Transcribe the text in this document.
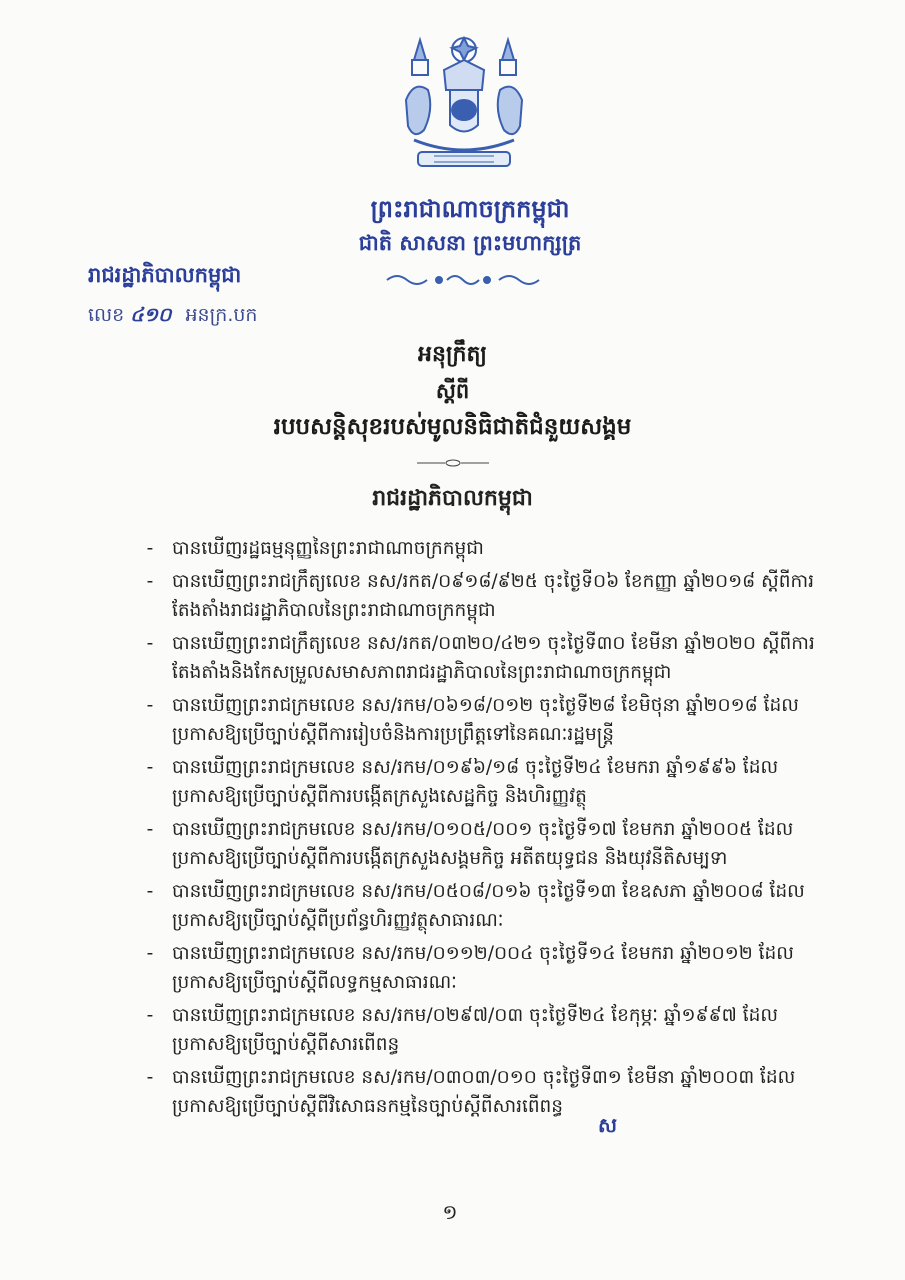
ព្រះរាជាណាចក្រកម្ពុជា
ជាតិ សាសនា ព្រះមហាក្សត្រ
រាជរដ្ឋាភិបាលកម្ពុជា
លេខ ៤១០ អនក្រ.បក
អនុក្រឹត្យ
ស្ដីពី
របបសន្តិសុខរបស់មូលនិធិជាតិជំនួយសង្គម
រាជរដ្ឋាភិបាលកម្ពុជា
-	បានឃើញរដ្ឋធម្មនុញ្ញនៃព្រះរាជាណាចក្រកម្ពុជា
-	បានឃើញព្រះរាជក្រឹត្យលេខ នស/រកត/០៩១៨/៩២៥ ចុះថ្ងៃទី០៦ ខែកញ្ញា ឆ្នាំ២០១៨ ស្ដីពីការតែងតាំងរាជរដ្ឋាភិបាលនៃព្រះរាជាណាចក្រកម្ពុជា
-	បានឃើញព្រះរាជក្រឹត្យលេខ នស/រកត/០៣២០/៤២១ ចុះថ្ងៃទី៣០ ខែមីនា ឆ្នាំ២០២០ ស្ដីពីការតែងតាំងនិងកែសម្រួលសមាសភាពរាជរដ្ឋាភិបាលនៃព្រះរាជាណាចក្រកម្ពុជា
-	បានឃើញព្រះរាជក្រមលេខ នស/រកម/០៦១៨/០១២ ចុះថ្ងៃទី២៨ ខែមិថុនា ឆ្នាំ២០១៨ ដែលប្រកាសឱ្យប្រើច្បាប់ស្ដីពីការរៀបចំនិងការប្រព្រឹត្តទៅនៃគណៈរដ្ឋមន្ត្រី
-	បានឃើញព្រះរាជក្រមលេខ នស/រកម/០១៩៦/១៨ ចុះថ្ងៃទី២៤ ខែមករា ឆ្នាំ១៩៩៦ ដែលប្រកាសឱ្យប្រើច្បាប់ស្ដីពីការបង្កើតក្រសួងសេដ្ឋកិច្ច និងហិរញ្ញវត្ថុ
-	បានឃើញព្រះរាជក្រមលេខ នស/រកម/០១០៥/០០១ ចុះថ្ងៃទី១៧ ខែមករា ឆ្នាំ២០០៥ ដែលប្រកាសឱ្យប្រើច្បាប់ស្ដីពីការបង្កើតក្រសួងសង្គមកិច្ច អតីតយុទ្ធជន និងយុវនីតិសម្បទា
-	បានឃើញព្រះរាជក្រមលេខ នស/រកម/០៥០៨/០១៦ ចុះថ្ងៃទី១៣ ខែឧសភា ឆ្នាំ២០០៨ ដែលប្រកាសឱ្យប្រើច្បាប់ស្ដីពីប្រព័ន្ធហិរញ្ញវត្ថុសាធារណៈ
-	បានឃើញព្រះរាជក្រមលេខ នស/រកម/០១១២/០០៤ ចុះថ្ងៃទី១៤ ខែមករា ឆ្នាំ២០១២ ដែលប្រកាសឱ្យប្រើច្បាប់ស្ដីពីលទ្ធកម្មសាធារណៈ
-	បានឃើញព្រះរាជក្រមលេខ នស/រកម/០២៩៧/០៣ ចុះថ្ងៃទី២៤ ខែកុម្ភៈ ឆ្នាំ១៩៩៧ ដែលប្រកាសឱ្យប្រើច្បាប់ស្ដីពីសារពើពន្ធ
-	បានឃើញព្រះរាជក្រមលេខ នស/រកម/០៣០៣/០១០ ចុះថ្ងៃទី៣១ ខែមីនា ឆ្នាំ២០០៣ ដែលប្រកាសឱ្យប្រើច្បាប់ស្ដីពីវិសោធនកម្មនៃច្បាប់ស្ដីពីសារពើពន្ធ
ស
១
